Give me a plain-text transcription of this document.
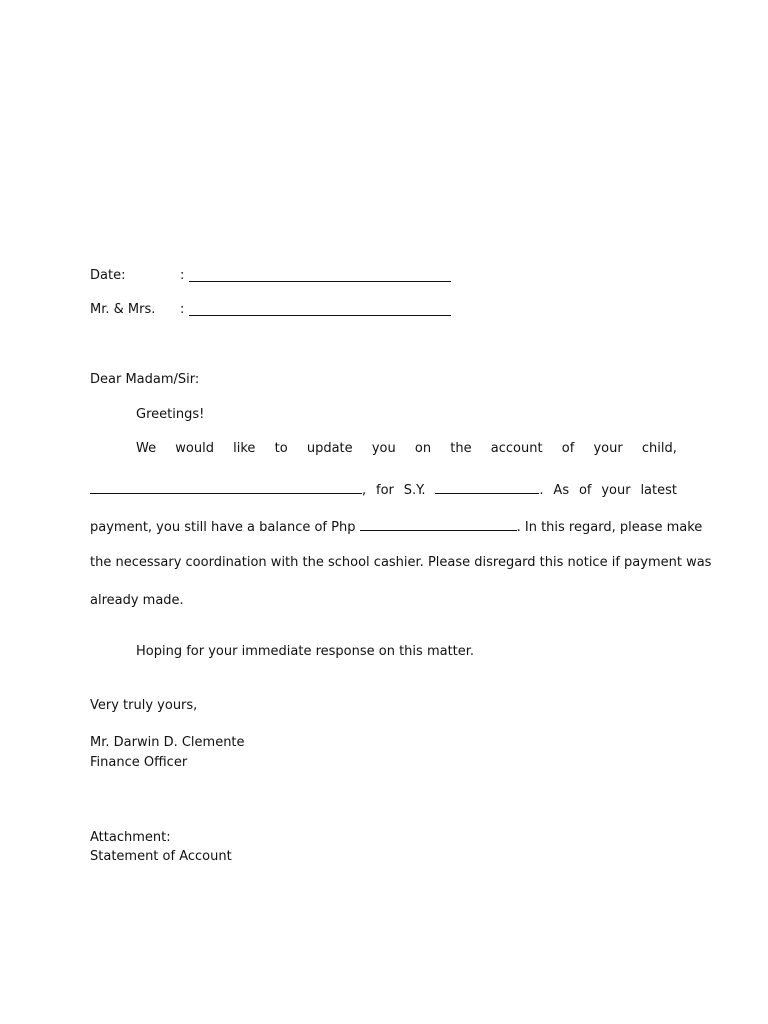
Date:	:
Mr. & Mrs. :
Dear Madam/Sir:
Greetings!
We would like to update you on the account of your child,
, for S.Y.	. As of your latest
payment, you still have a balance of Php	. In this regard, please make
the necessary coordination with the school cashier. Please disregard this notice if payment was
already made.
Hoping for your immediate response on this matter.
Very truly yours,
Mr. Darwin D. Clemente
Finance Officer
Attachment:
Statement of Account
